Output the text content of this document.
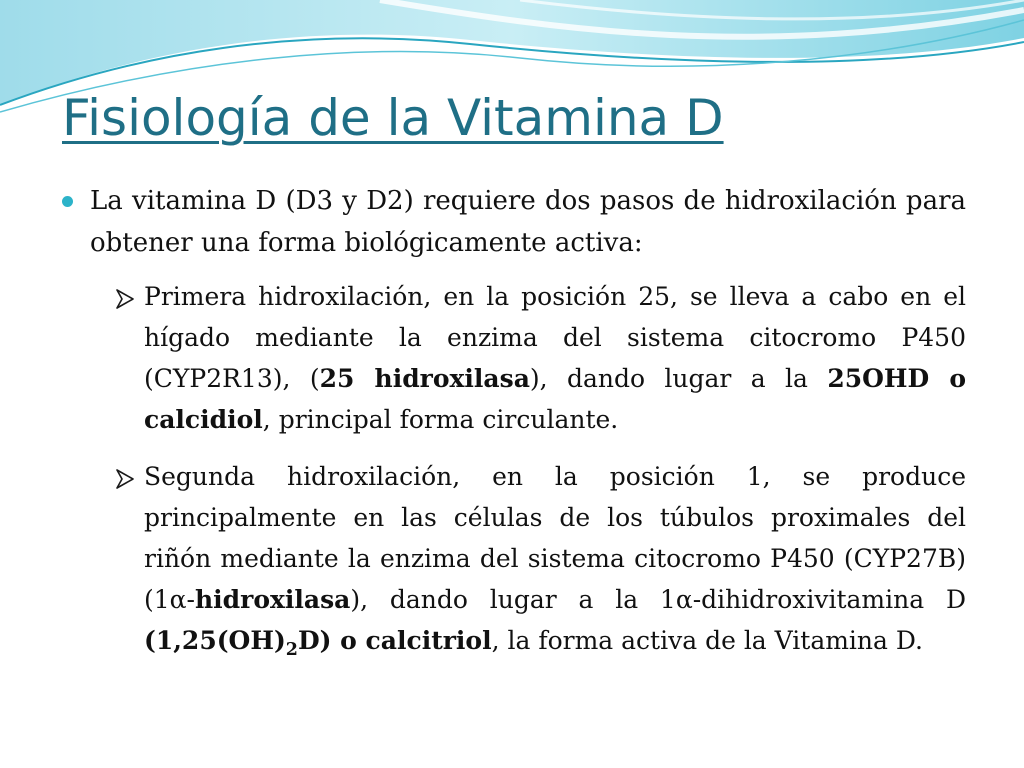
Fisiología de la Vitamina D
La vitamina D (D3 y D2) requiere dos pasos de hidroxilación para obtener una forma biológicamente activa:
Primera hidroxilación, en la posición 25, se lleva a cabo en el hígado mediante la enzima del sistema citocromo P450 (CYP2R13), (25 hidroxilasa), dando lugar a la 25OHD o calcidiol, principal forma circulante.
Segunda hidroxilación, en la posición 1, se produce principalmente en las células de los túbulos proximales del riñón mediante la enzima del sistema citocromo P450 (CYP27B) (1α-hidroxilasa), dando lugar a la 1α-dihidroxivitamina D $(1,25(OH)_2D)$ o calcitriol, la forma activa de la Vitamina D.
